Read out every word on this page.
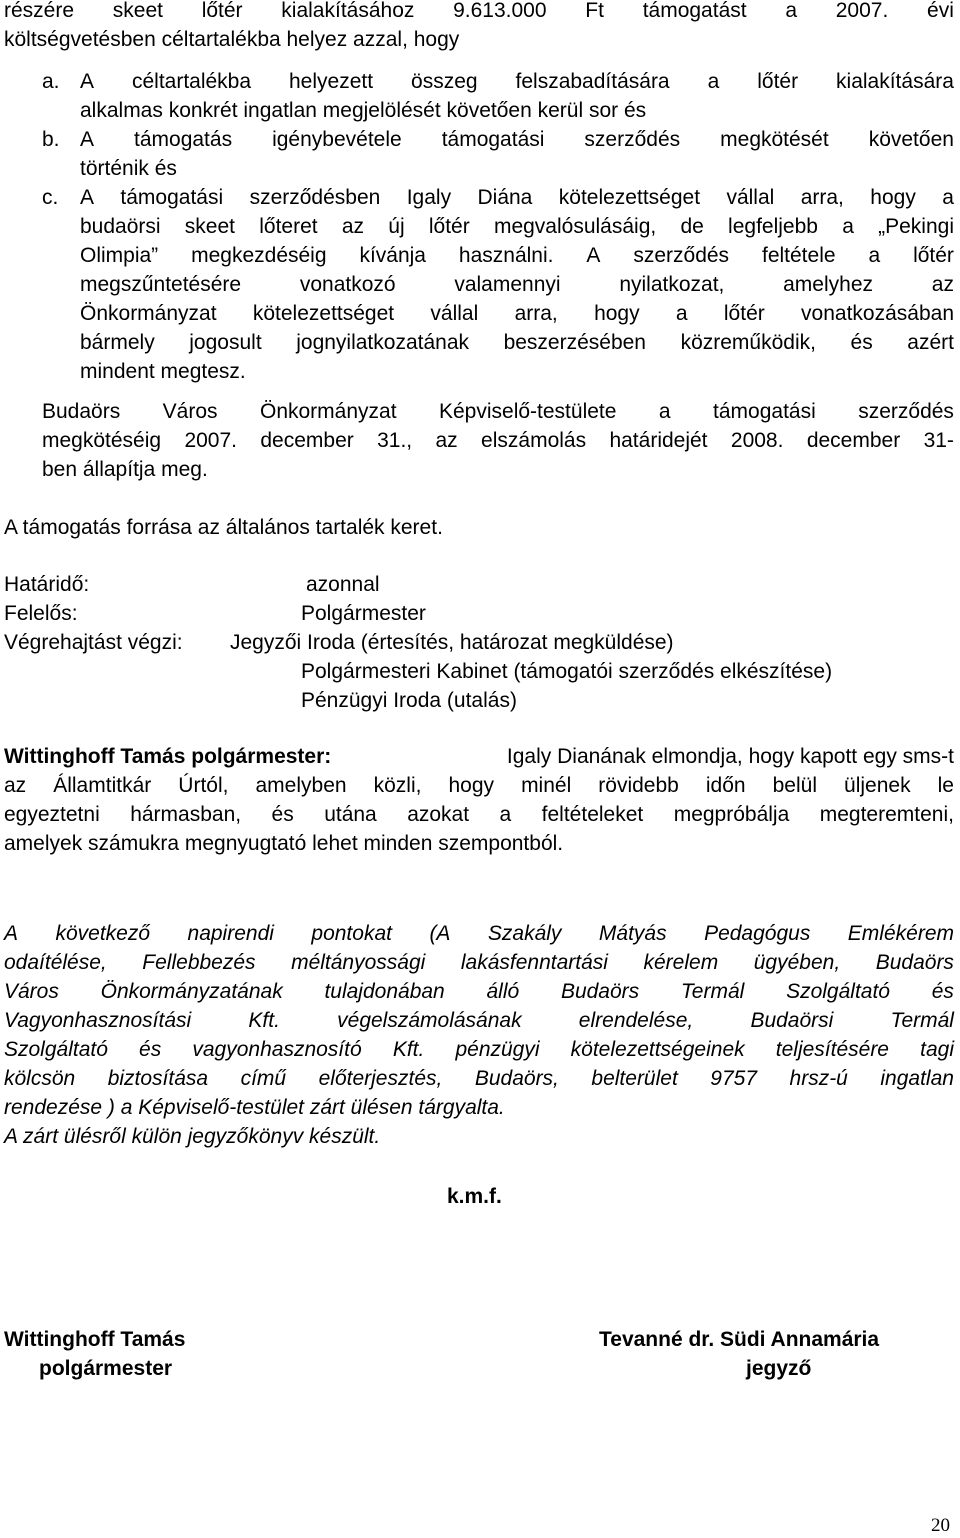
részére skeet lőtér kialakításához 9.613.000 Ft támogatást a 2007. évi
költségvetésben céltartalékba helyez azzal, hogy
a. A céltartalékba helyezett összeg felszabadítására a lőtér kialakítására
alkalmas konkrét ingatlan megjelölését követően kerül sor és
b. A támogatás igénybevétele támogatási szerződés megkötését követően
történik és
c. A támogatási szerződésben Igaly Diána kötelezettséget vállal arra, hogy a
budaörsi skeet lőteret az új lőtér megvalósulásáig, de legfeljebb a „Pekingi
Olimpia” megkezdéséig kívánja használni. A szerződés feltétele a lőtér
megszűntetésére	vonatkozó	valamennyi	nyilatkozat,	amelyhez	az
Önkormányzat kötelezettséget vállal arra, hogy a lőtér vonatkozásában
bármely jogosult jognyilatkozatának beszerzésében közreműködik, és azért
mindent megtesz.
Budaörs Város Önkormányzat Képviselő-testülete a támogatási szerződés
megkötéséig 2007. december 31., az elszámolás határidejét 2008. december 31-
ben állapítja meg.
A támogatás forrása az általános tartalék keret.
Határidő:	azonnal
Felelős:	Polgármester
Végrehajtást végzi: Jegyzői Iroda (értesítés, határozat megküldése)
Polgármesteri Kabinet (támogatói szerződés elkészítése)
Pénzügyi Iroda (utalás)
Wittinghoff Tamás polgármester:	Igaly Dianának elmondja, hogy kapott egy sms-t
az Államtitkár Úrtól, amelyben közli, hogy minél rövidebb időn belül üljenek le
egyeztetni hármasban, és utána azokat a feltételeket megpróbálja megteremteni,
amelyek számukra megnyugtató lehet minden szempontból.
A következő napirendi pontokat (A Szakály Mátyás Pedagógus Emlékérem
odaítélése, Fellebbezés méltányossági lakásfenntartási kérelem ügyében, Budaörs
Város Önkormányzatának tulajdonában álló Budaörs Termál Szolgáltató és
Vagyonhasznosítási	Kft.	végelszámolásának	elrendelése,	Budaörsi	Termál
Szolgáltató és vagyonhasznosító Kft. pénzügyi kötelezettségeinek teljesítésére tagi
kölcsön biztosítása című előterjesztés, Budaörs, belterület 9757 hrsz-ú ingatlan
rendezése ) a Képviselő-testület zárt ülésen tárgyalta.
A zárt ülésről külön jegyzőkönyv készült.
k.m.f.
Wittinghoff Tamás
polgármester
Tevanné dr. Südi Annamária
jegyző
20
